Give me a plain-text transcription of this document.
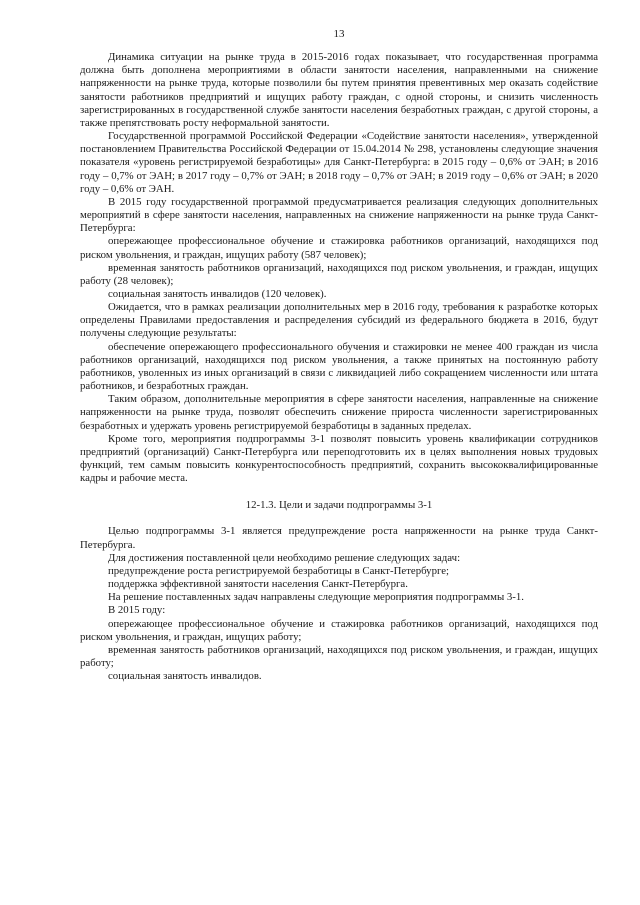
13

Динамика ситуации на рынке труда в 2015-2016 годах показывает, что государственная программа должна быть дополнена мероприятиями в области занятости населения, направленными на снижение напряженности на рынке труда, которые позволили бы путем принятия превентивных мер оказать содействие занятости работников предприятий и ищущих работу граждан, с одной стороны, и снизить численность зарегистрированных в государственной службе занятости населения безработных граждан, с другой стороны, а также препятствовать росту неформальной занятости.

Государственной программой Российской Федерации «Содействие занятости населения», утвержденной постановлением Правительства Российской Федерации от 15.04.2014 № 298, установлены следующие значения показателя «уровень регистрируемой безработицы» для Санкт-Петербурга: в 2015 году – 0,6% от ЭАН; в 2016 году – 0,7% от ЭАН; в 2017 году – 0,7% от ЭАН; в 2018 году – 0,7% от ЭАН; в 2019 году – 0,6% от ЭАН; в 2020 году – 0,6% от ЭАН.

В 2015 году государственной программой предусматривается реализация следующих дополнительных мероприятий в сфере занятости населения, направленных на снижение напряженности на рынке труда Санкт-Петербурга:

опережающее профессиональное обучение и стажировка работников организаций, находящихся под риском увольнения, и граждан, ищущих работу (587 человек);

временная занятость работников организаций, находящихся под риском увольнения, и граждан, ищущих работу (28 человек);

социальная занятость инвалидов (120 человек).

Ожидается, что в рамках реализации дополнительных мер в 2016 году, требования к разработке которых определены Правилами предоставления и распределения субсидий из федерального бюджета в 2016, будут получены следующие результаты:

обеспечение опережающего профессионального обучения и стажировки не менее 400 граждан из числа работников организаций, находящихся под риском увольнения, а также принятых на постоянную работу работников, уволенных из иных организаций в связи с ликвидацией либо сокращением численности или штата работников, и безработных граждан.

Таким образом, дополнительные мероприятия в сфере занятости населения, направленные на снижение напряженности на рынке труда, позволят обеспечить снижение прироста численности зарегистрированных безработных и удержать уровень регистрируемой безработицы в заданных пределах.

Кроме того, мероприятия подпрограммы 3-1 позволят повысить уровень квалификации сотрудников предприятий (организаций) Санкт-Петербурга или переподготовить их в целях выполнения новых трудовых функций, тем самым повысить конкурентоспособность предприятий, сохранить высококвалифицированные кадры и рабочие места.

12-1.3. Цели и задачи подпрограммы 3-1

Целью подпрограммы 3-1 является предупреждение роста напряженности на рынке труда Санкт-Петербурга.

Для достижения поставленной цели необходимо решение следующих задач:

предупреждение роста регистрируемой безработицы в Санкт-Петербурге;

поддержка эффективной занятости населения Санкт-Петербурга.

На решение поставленных задач направлены следующие мероприятия подпрограммы 3-1.

В 2015 году:

опережающее профессиональное обучение и стажировка работников организаций, находящихся под риском увольнения, и граждан, ищущих работу;

временная занятость работников организаций, находящихся под риском увольнения, и граждан, ищущих работу;

социальная занятость инвалидов.
